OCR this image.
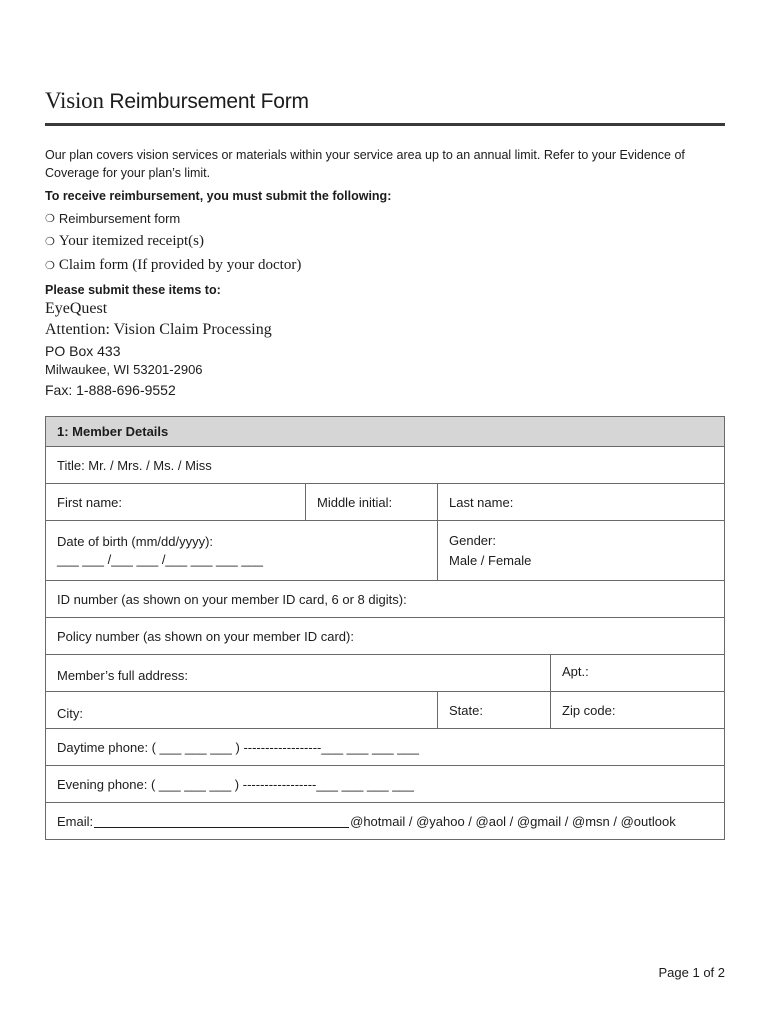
Vision Reimbursement Form
Our plan covers vision services or materials within your service area up to an annual limit. Refer to your Evidence of Coverage for your plan’s limit.
To receive reimbursement, you must submit the following:
❍ Reimbursement form
❍ Your itemized receipt(s)
❍ Claim form (If provided by your doctor)
Please submit these items to:
EyeQuest
Attention: Vision Claim Processing
PO Box 433
Milwaukee, WI 53201-2906
Fax: 1-888-696-9552
1: Member Details
Title: Mr. / Mrs. / Ms. / Miss
First name:	Middle initial:	Last name:
Date of birth (mm/dd/yyyy):
___ ___ /___ ___ /___ ___ ___ ___
Gender:
Male / Female
ID number (as shown on your member ID card, 6 or 8 digits):
Policy number (as shown on your member ID card):
Member’s full address:	Apt.:
City:	State:	Zip code:
Daytime phone: ( ___ ___ ___ ) ------------------___ ___ ___ ___
Evening phone: ( ___ ___ ___ ) -----------------___ ___ ___ ___
Email:	@hotmail / @yahoo / @aol / @gmail / @msn / @outlook
Page 1 of 2
